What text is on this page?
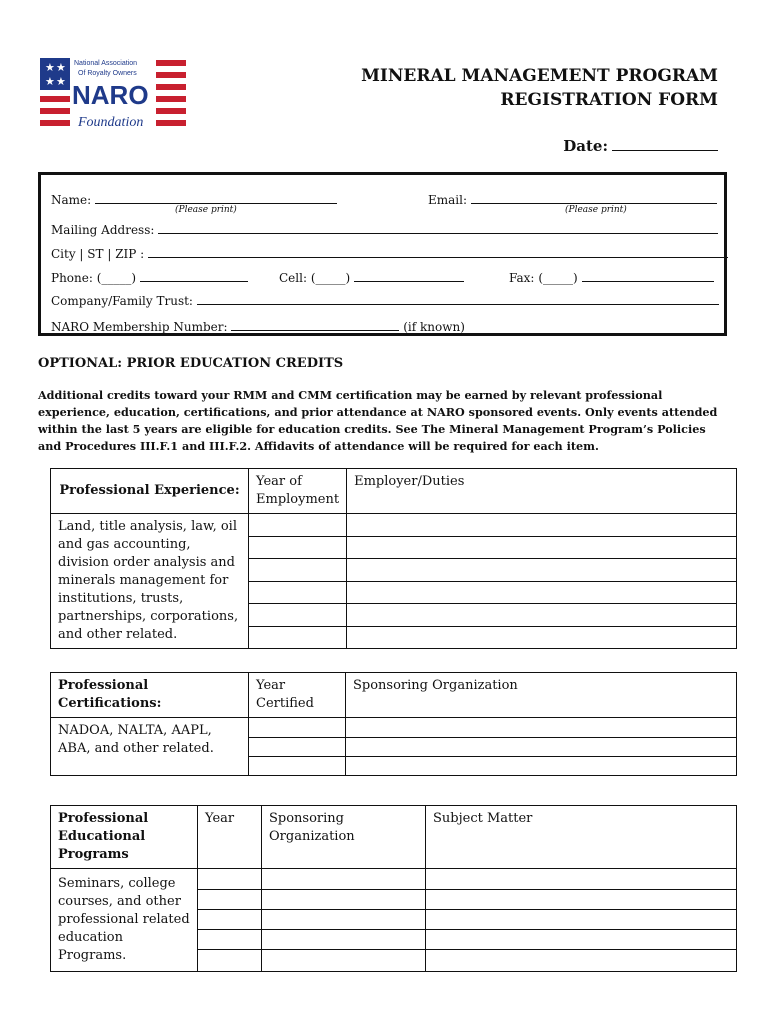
★ ★
★ ★
National Association
Of Royalty Owners
NARO
Foundation
MINERAL MANAGEMENT PROGRAM
REGISTRATION FORM
Date:
Name:
(Please print)
Email:
(Please print)
Mailing Address:
City | ST | ZIP :
Phone: (_____)	Cell: (_____)	Fax: (_____)
Company/Family Trust:
NARO Membership Number:	(if known)
OPTIONAL: PRIOR EDUCATION CREDITS
Additional credits toward your RMM and CMM certification may be earned by relevant professional experience, education, certifications, and prior attendance at NARO sponsored events. Only events attended within the last 5 years are eligible for education credits. See The Mineral Management Program’s Policies and Procedures III.F.1 and III.F.2. Affidavits of attendance will be required for each item.
Professional Experience:	Year of Employment	Employer/Duties
Land, title analysis, law, oil and gas accounting, division order analysis and minerals management for institutions, trusts, partnerships, corporations, and other related.		

Professional Certifications:	Year Certified	Sponsoring Organization
NADOA, NALTA, AAPL, ABA, and other related.		

Professional Educational Programs	Year	Sponsoring Organization	Subject Matter
Seminars, college courses, and other professional related education Programs.			
